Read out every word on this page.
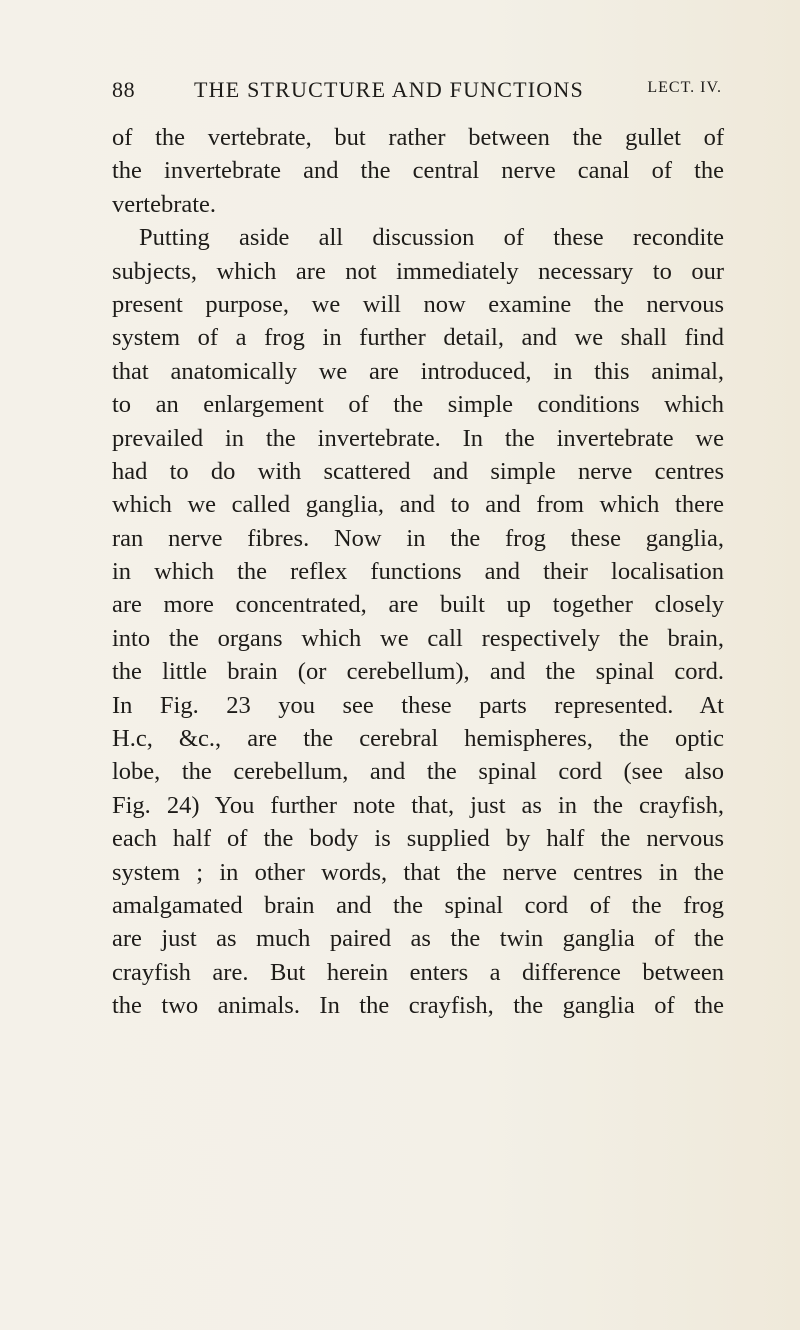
88	THE STRUCTURE AND FUNCTIONS	LECT. IV.
of the vertebrate, but rather between the gullet of
the invertebrate and the central nerve canal of the
vertebrate.
Putting aside all discussion of these recondite
subjects, which are not immediately necessary to our
present purpose, we will now examine the nervous
system of a frog in further detail, and we shall find
that anatomically we are introduced, in this animal,
to an enlargement of the simple conditions which
prevailed in the invertebrate. In the invertebrate we
had to do with scattered and simple nerve centres
which we called ganglia, and to and from which there
ran nerve fibres. Now in the frog these ganglia,
in which the reflex functions and their localisation
are more concentrated, are built up together closely
into the organs which we call respectively the brain,
the little brain (or cerebellum), and the spinal cord.
In Fig. 23 you see these parts represented. At
H.c, &c., are the cerebral hemispheres, the optic
lobe, the cerebellum, and the spinal cord (see also
Fig. 24) You further note that, just as in the crayfish,
each half of the body is supplied by half the nervous
system ; in other words, that the nerve centres in the
amalgamated brain and the spinal cord of the frog
are just as much paired as the twin ganglia of the
crayfish are. But herein enters a difference between
the two animals. In the crayfish, the ganglia of the
